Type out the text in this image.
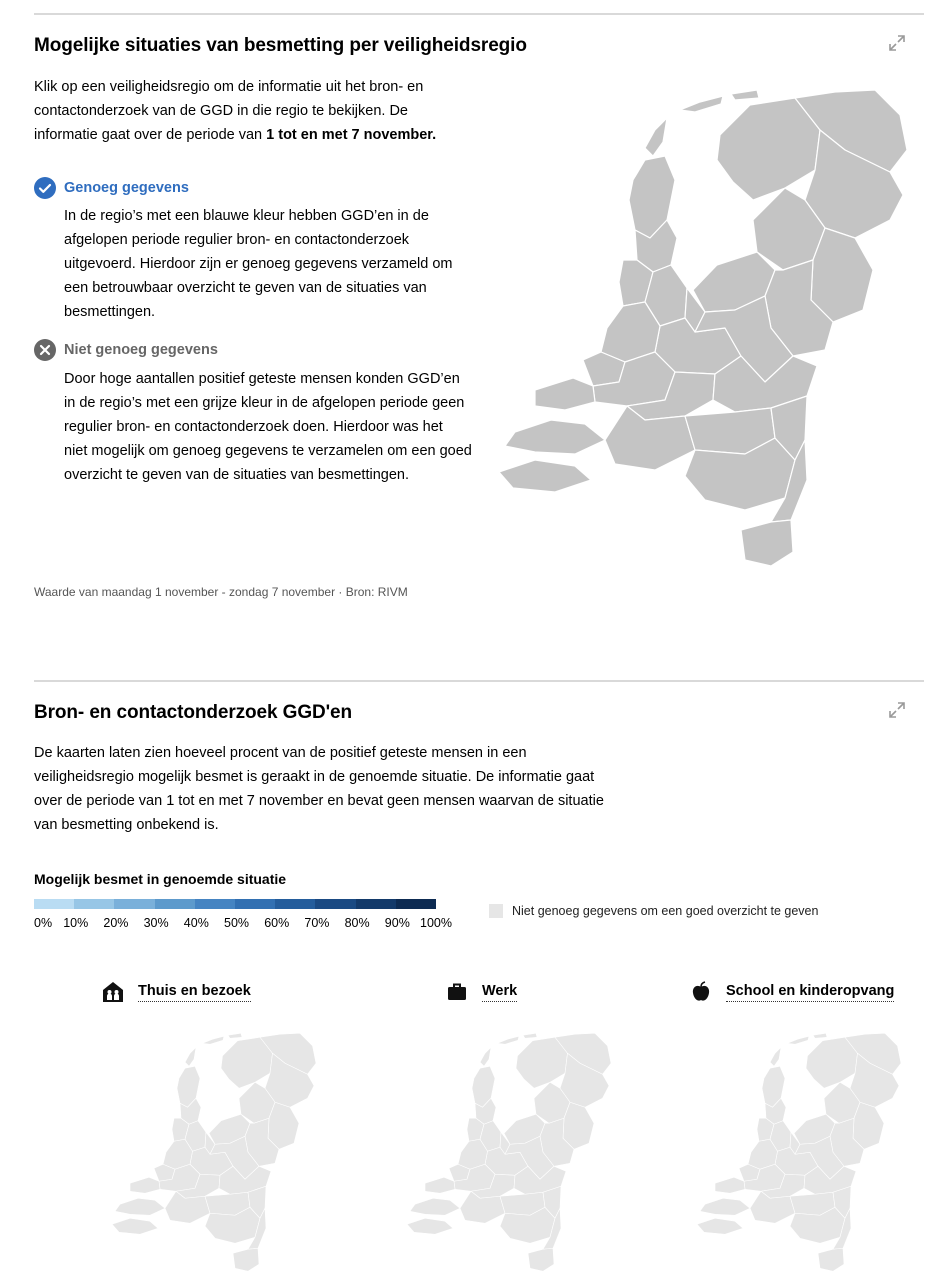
Mogelijke situaties van besmetting per veiligheidsregio

Klik op een veiligheidsregio om de informatie uit het bron- en
contactonderzoek van de GGD in die regio te bekijken. De
informatie gaat over de periode van 1 tot en met 7 november.

Genoeg gegevens

In de regio’s met een blauwe kleur hebben GGD’en in de
afgelopen periode regulier bron- en contactonderzoek
uitgevoerd. Hierdoor zijn er genoeg gegevens verzameld om
een betrouwbaar overzicht te geven van de situaties van
besmettingen.

Niet genoeg gegevens

Door hoge aantallen positief geteste mensen konden GGD’en
in de regio’s met een grijze kleur in de afgelopen periode geen
regulier bron- en contactonderzoek doen. Hierdoor was het
niet mogelijk om genoeg gegevens te verzamelen om een goed
overzicht te geven van de situaties van besmettingen.

Waarde van maandag 1 november - zondag 7 november · Bron: RIVM
Bron- en contactonderzoek GGD'en

De kaarten laten zien hoeveel procent van de positief geteste mensen in een
veiligheidsregio mogelijk besmet is geraakt in de genoemde situatie. De informatie gaat
over de periode van 1 tot en met 7 november en bevat geen mensen waarvan de situatie
van besmetting onbekend is.

Mogelijk besmet in genoemde situatie
0% 10% 20% 30% 40% 50% 60% 70% 80% 90% 100%
Niet genoeg gegevens om een goed overzicht te geven
Thuis en bezoek	Werk	School en kinderopvang
